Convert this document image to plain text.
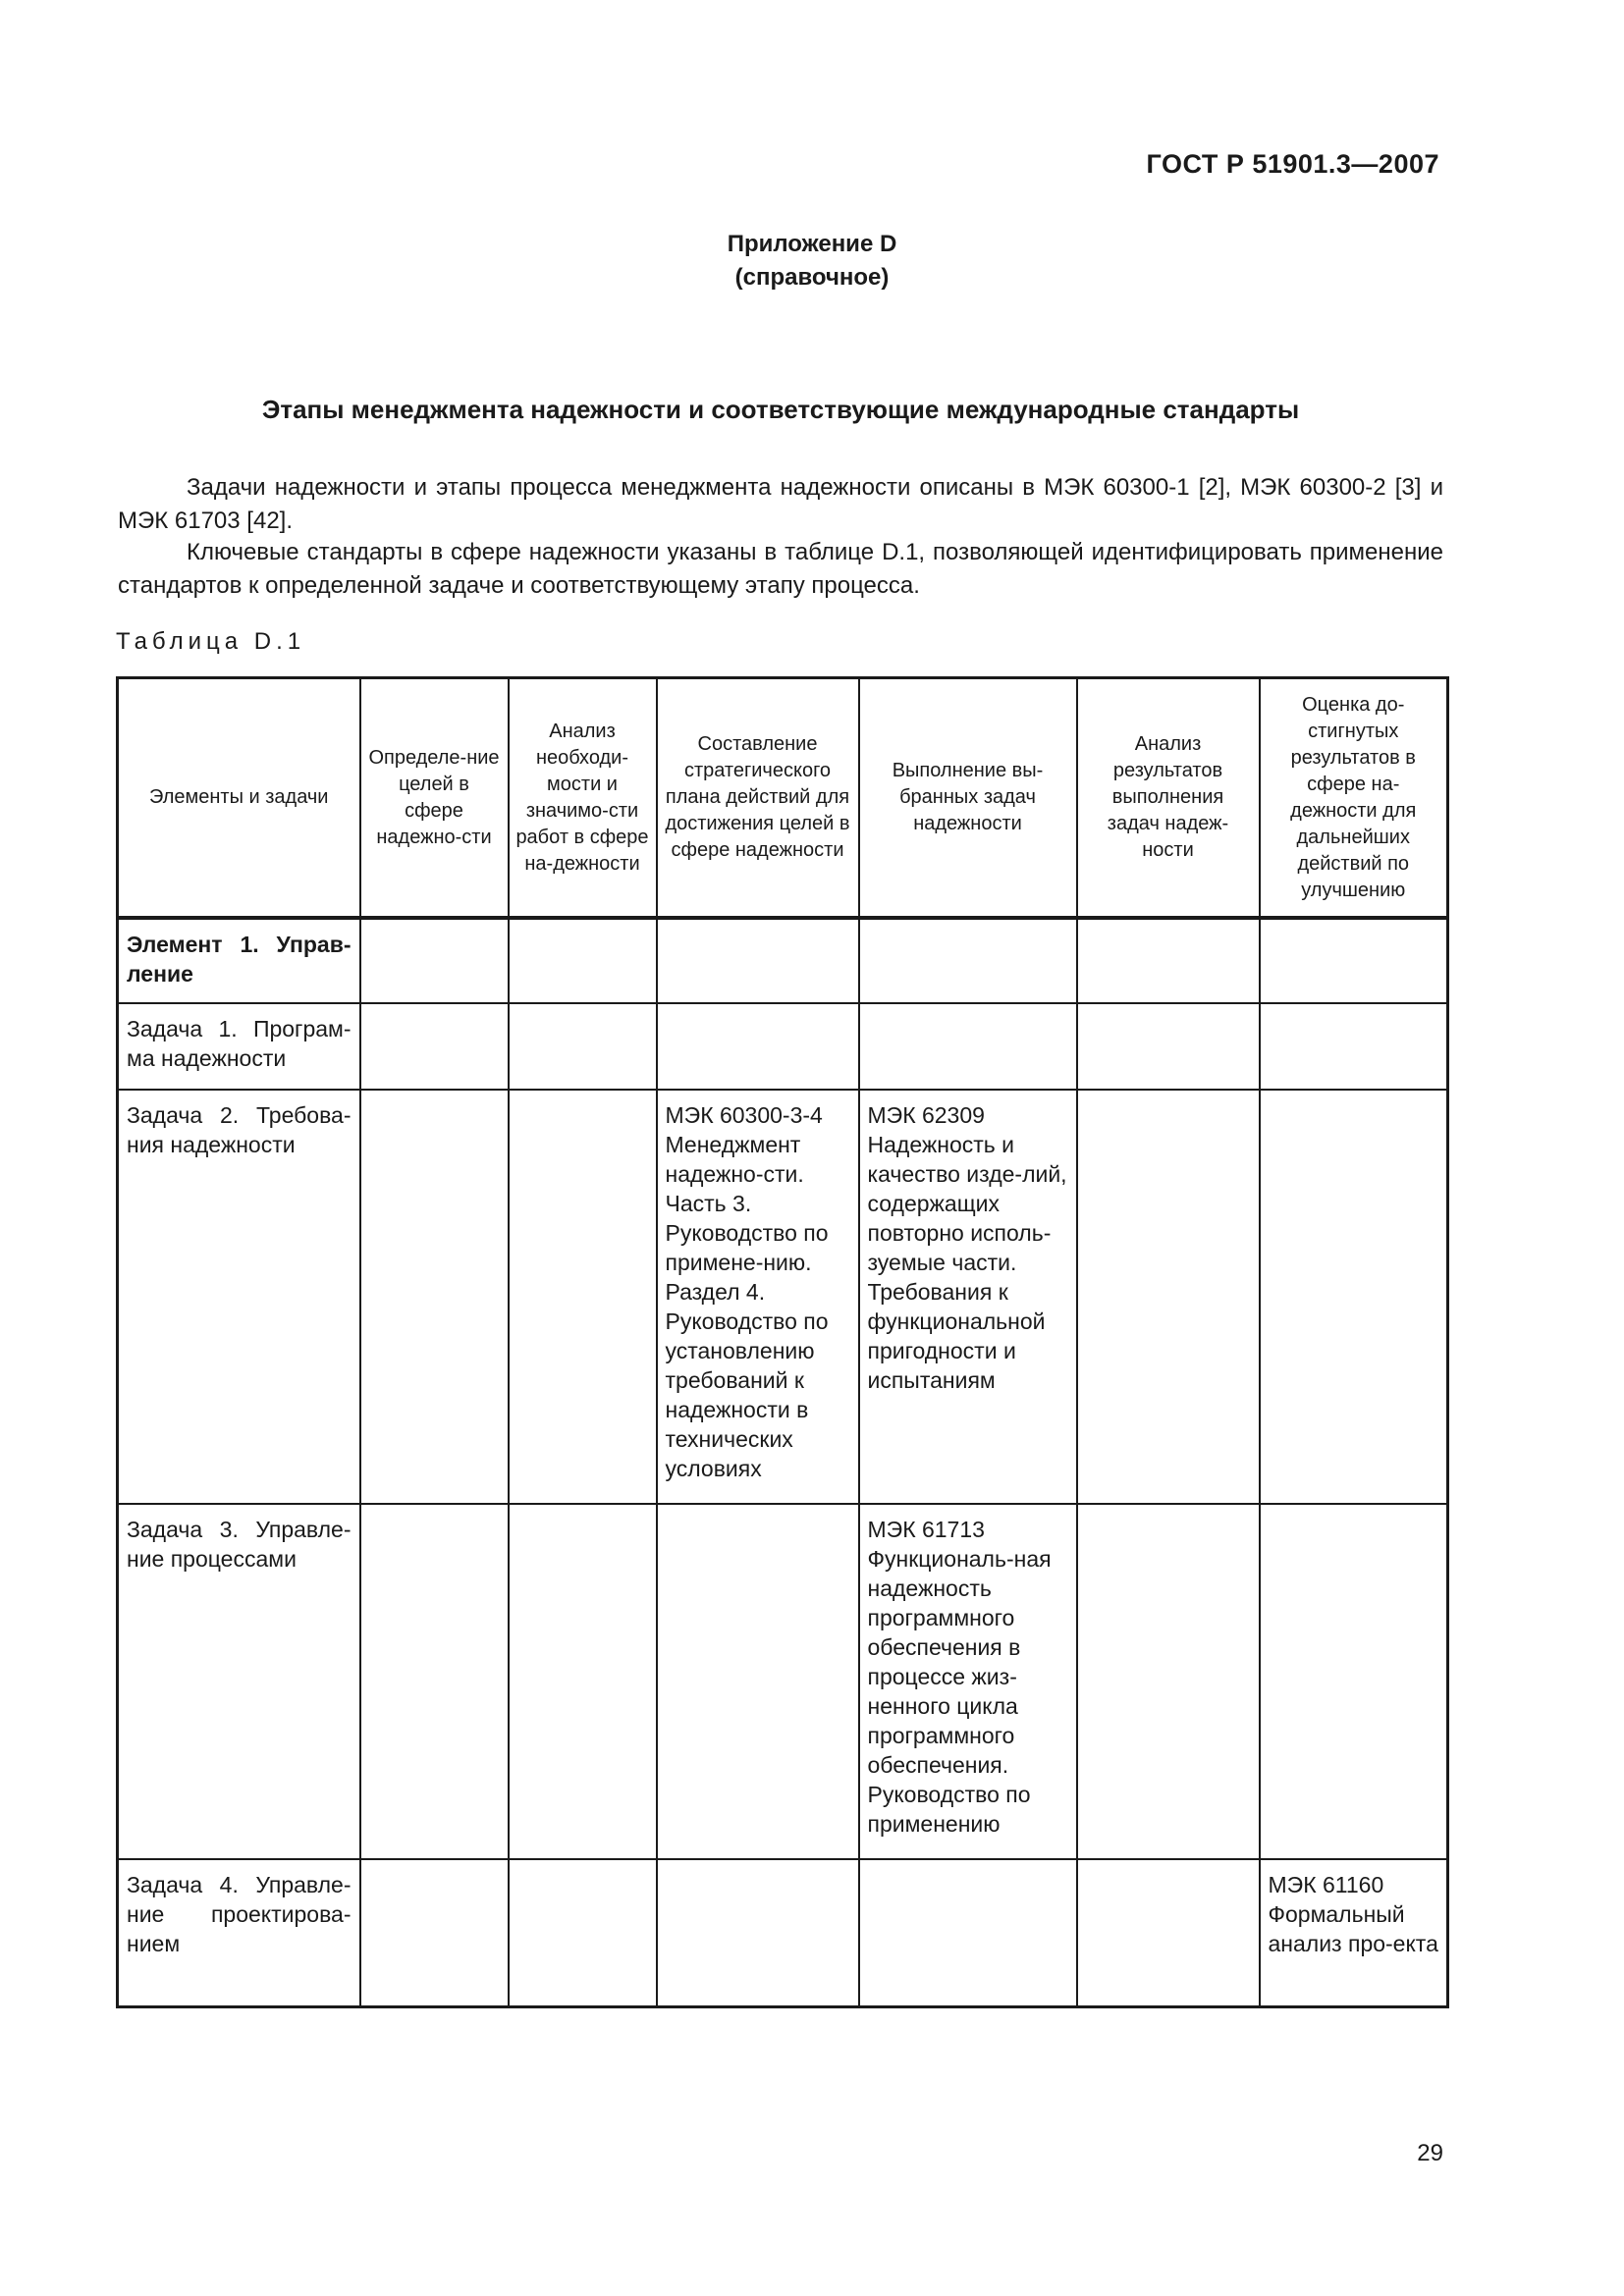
ГОСТ Р 51901.3—2007
Приложение D
(справочное)
Этапы менеджмента надежности и соответствующие международные стандарты
Задачи надежности и этапы процесса менеджмента надежности описаны в МЭК 60300-1 [2], МЭК 60300-2 [3] и МЭК 61703 [42].
Ключевые стандарты в сфере надежности указаны в таблице D.1, позволяющей идентифицировать применение стандартов к определенной задаче и соответствующему этапу процесса.
Таблица D.1
Элементы и задачи	Определе-ние целей в сфере надежно-сти	Анализ необходи-мости и значимо-сти работ в сфере на-дежности	Составление стратегического плана действий для достижения целей в сфере надежности	Выполнение вы-бранных задач надежности	Анализ результатов выполнения задач надеж-ности	Оценка до-стигнутых результатов в сфере на-дежности для дальнейших действий по улучшению
Элемент 1. Управ-ление						
Задача 1. Програм-ма надежности						
Задача 2. Требова-ния надежности			МЭК 60300-3-4 Менеджмент надежно-сти. Часть 3. Руководство по примене-нию. Раздел 4. Руководство по установлению требований к надежности в технических условиях	МЭК 62309 Надежность и качество изде-лий, содержащих повторно исполь-зуемые части. Требования к функциональной пригодности и испытаниям		
Задача 3. Управле-ние процессами				МЭК 61713 Функциональ-ная надежность программного обеспечения в процессе жиз-ненного цикла программного обеспечения. Руководство по применению		
Задача 4. Управле-ние проектирова-нием						МЭК 61160 Формальный анализ про-екта
29
